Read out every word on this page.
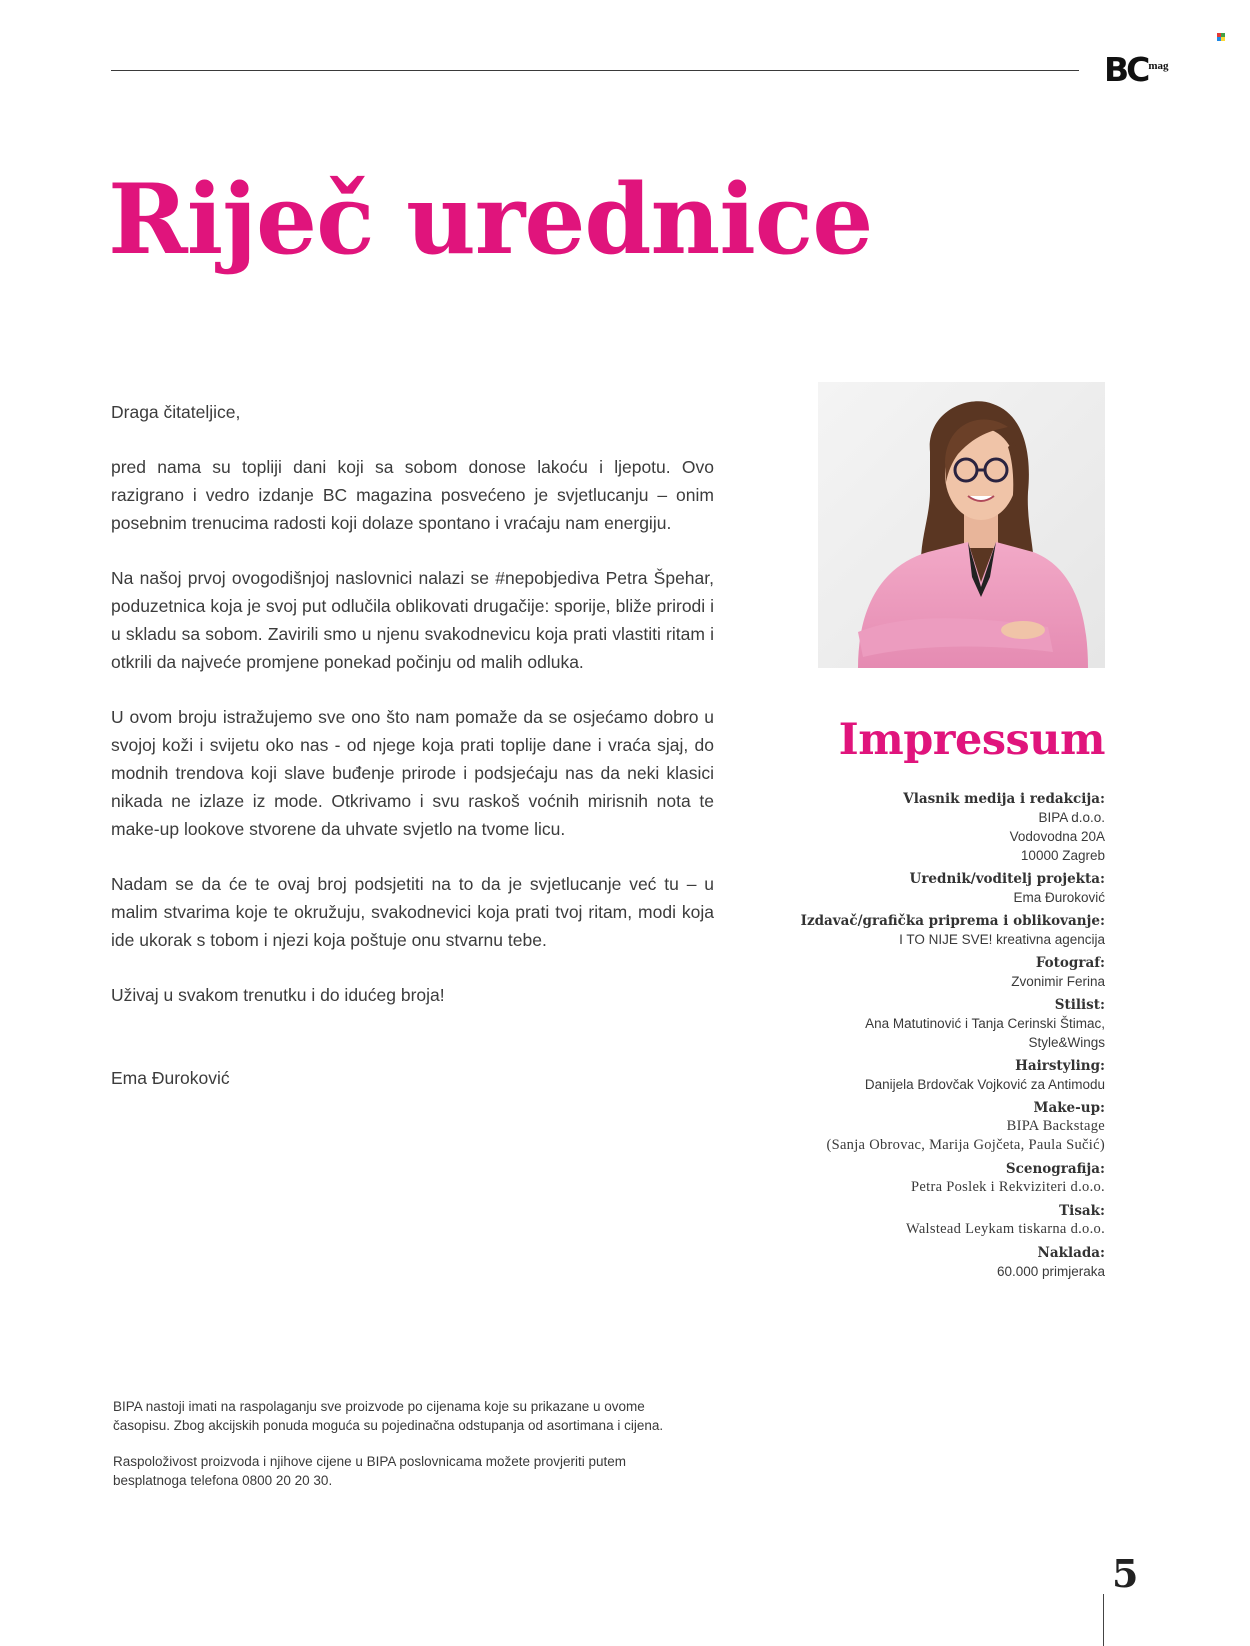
BC mag
Riječ urednice

Draga čitateljice,

pred nama su topliji dani koji sa sobom donose lakoću i ljepotu. Ovo razigrano i vedro izdanje BC magazina posvećeno je svjetlucanju – onim posebnim trenucima radosti koji dolaze spontano i vraćaju nam energiju.

Na našoj prvoj ovogodišnjoj naslovnici nalazi se #nepobjediva Petra Špehar, poduzetnica koja je svoj put odlučila oblikovati drugačije: sporije, bliže prirodi i u skladu sa sobom. Zavirili smo u njenu svakodnevicu koja prati vlastiti ritam i otkrili da najveće promjene ponekad počinju od malih odluka.

U ovom broju istražujemo sve ono što nam pomaže da se osjećamo dobro u svojoj koži i svijetu oko nas - od njege koja prati toplije dane i vraća sjaj, do modnih trendova koji slave buđenje prirode i podsjećaju nas da neki klasici nikada ne izlaze iz mode. Otkrivamo i svu raskoš voćnih mirisnih nota te make-up lookove stvorene da uhvate svjetlo na tvome licu.

Nadam se da će te ovaj broj podsjetiti na to da je svjetlucanje već tu – u malim stvarima koje te okružuju, svakodnevici koja prati tvoj ritam, modi koja ide ukorak s tobom i njezi koja poštuje onu stvarnu tebe.

Uživaj u svakom trenutku i do idućeg broja!

Ema Đuroković

Impressum
Vlasnik medija i redakcija:
BIPA d.o.o.
Vodovodna 20A
10000 Zagreb
Urednik/voditelj projekta:
Ema Đuroković
Izdavač/grafička priprema i oblikovanje:
I TO NIJE SVE! kreativna agencija
Fotograf:
Zvonimir Ferina
Stilist:
Ana Matutinović i Tanja Cerinski Štimac,
Style&Wings
Hairstyling:
Danijela Brdovčak Vojković za Antimodu
Make-up:
BIPA Backstage
(Sanja Obrovac, Marija Gojčeta, Paula Sučić)
Scenografija:
Petra Poslek i Rekviziteri d.o.o.
Tisak:
Walstead Leykam tiskarna d.o.o.
Naklada:
60.000 primjeraka

BIPA nastoji imati na raspolaganju sve proizvode po cijenama koje su prikazane u ovome časopisu. Zbog akcijskih ponuda moguća su pojedinačna odstupanja od asortimana i cijena.

Raspoloživost proizvoda i njihove cijene u BIPA poslovnicama možete provjeriti putem besplatnoga telefona 0800 20 20 30.

5
